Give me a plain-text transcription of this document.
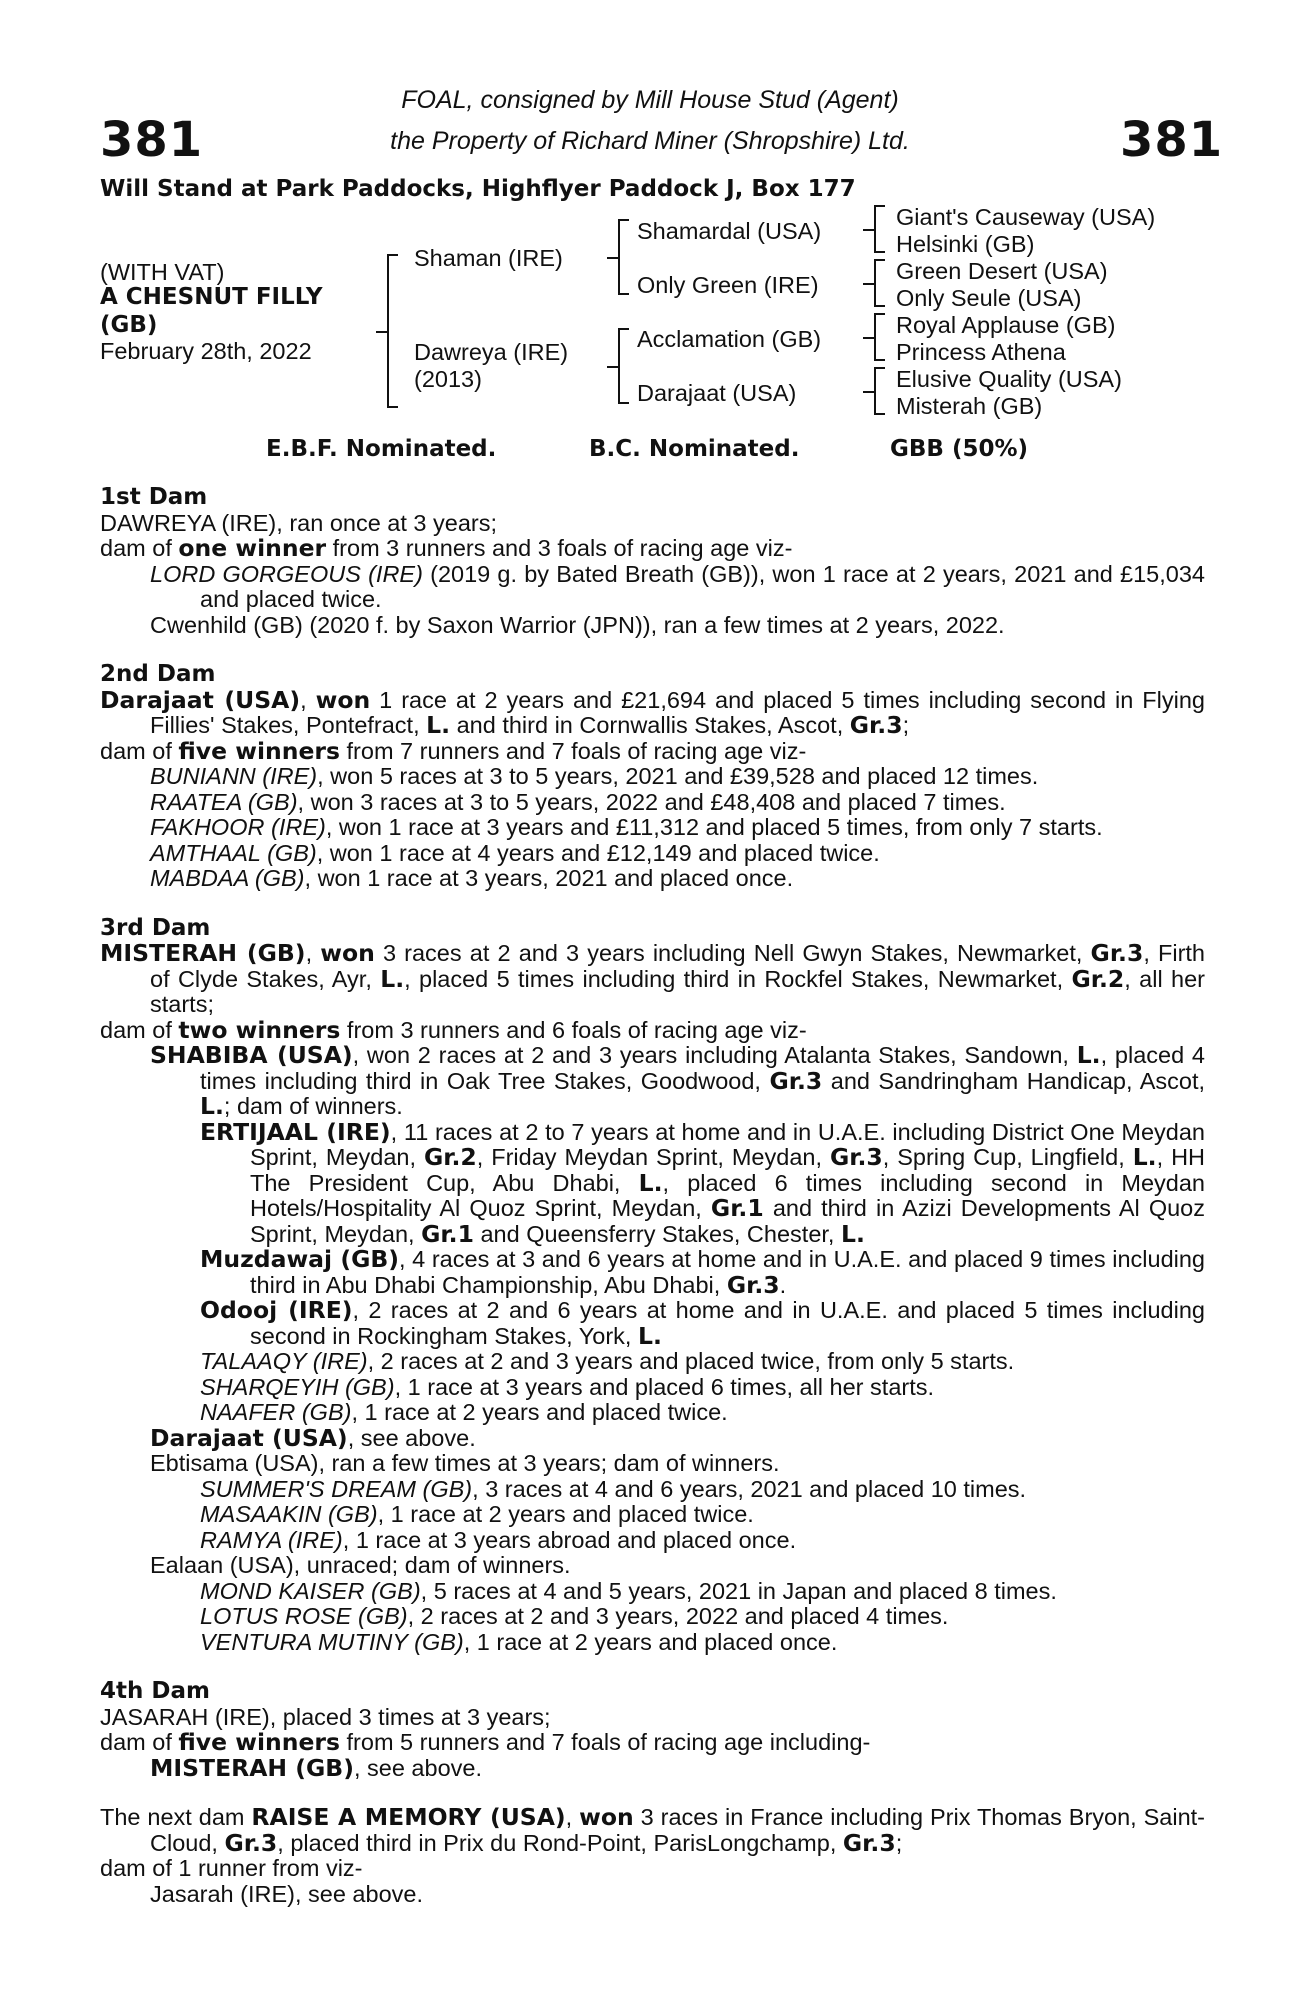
381	381
FOAL, consigned by Mill House Stud (Agent)
the Property of Richard Miner (Shropshire) Ltd.
Will Stand at Park Paddocks, Highflyer Paddock J, Box 177
(WITH VAT)
A CHESNUT FILLY
(GB)
February 28th, 2022
Shaman (IRE)
Dawreya (IRE)
(2013)
Shamardal (USA)
Only Green (IRE)
Acclamation (GB)
Darajaat (USA)
Giant's Causeway (USA)
Helsinki (GB)
Green Desert (USA)
Only Seule (USA)
Royal Applause (GB)
Princess Athena
Elusive Quality (USA)
Misterah (GB)
E.B.F. Nominated.	B.C. Nominated.	GBB (50%)

1st Dam

DAWREYA (IRE), ran once at 3 years;

dam of one winner from 3 runners and 3 foals of racing age viz-

LORD GORGEOUS (IRE) (2019 g. by Bated Breath (GB)), won 1 race at 2 years, 2021 and £15,034 and placed twice.

Cwenhild (GB) (2020 f. by Saxon Warrior (JPN)), ran a few times at 2 years, 2022.

2nd Dam

Darajaat (USA), won 1 race at 2 years and £21,694 and placed 5 times including second in Flying Fillies' Stakes, Pontefract, L. and third in Cornwallis Stakes, Ascot, Gr.3;

dam of five winners from 7 runners and 7 foals of racing age viz-

BUNIANN (IRE), won 5 races at 3 to 5 years, 2021 and £39,528 and placed 12 times.

RAATEA (GB), won 3 races at 3 to 5 years, 2022 and £48,408 and placed 7 times.

FAKHOOR (IRE), won 1 race at 3 years and £11,312 and placed 5 times, from only 7 starts.

AMTHAAL (GB), won 1 race at 4 years and £12,149 and placed twice.

MABDAA (GB), won 1 race at 3 years, 2021 and placed once.

3rd Dam

MISTERAH (GB), won 3 races at 2 and 3 years including Nell Gwyn Stakes, Newmarket, Gr.3, Firth of Clyde Stakes, Ayr, L., placed 5 times including third in Rockfel Stakes, Newmarket, Gr.2, all her starts;

dam of two winners from 3 runners and 6 foals of racing age viz-

SHABIBA (USA), won 2 races at 2 and 3 years including Atalanta Stakes, Sandown, L., placed 4 times including third in Oak Tree Stakes, Goodwood, Gr.3 and Sandringham Handicap, Ascot, L.; dam of winners.

ERTIJAAL (IRE), 11 races at 2 to 7 years at home and in U.A.E. including District One Meydan Sprint, Meydan, Gr.2, Friday Meydan Sprint, Meydan, Gr.3, Spring Cup, Lingfield, L., HH The President Cup, Abu Dhabi, L., placed 6 times including second in Meydan Hotels/Hospitality Al Quoz Sprint, Meydan, Gr.1 and third in Azizi Developments Al Quoz Sprint, Meydan, Gr.1 and Queensferry Stakes, Chester, L.

Muzdawaj (GB), 4 races at 3 and 6 years at home and in U.A.E. and placed 9 times including third in Abu Dhabi Championship, Abu Dhabi, Gr.3.

Odooj (IRE), 2 races at 2 and 6 years at home and in U.A.E. and placed 5 times including second in Rockingham Stakes, York, L.

TALAAQY (IRE), 2 races at 2 and 3 years and placed twice, from only 5 starts.

SHARQEYIH (GB), 1 race at 3 years and placed 6 times, all her starts.

NAAFER (GB), 1 race at 2 years and placed twice.

Darajaat (USA), see above.

Ebtisama (USA), ran a few times at 3 years; dam of winners.

SUMMER'S DREAM (GB), 3 races at 4 and 6 years, 2021 and placed 10 times.

MASAAKIN (GB), 1 race at 2 years and placed twice.

RAMYA (IRE), 1 race at 3 years abroad and placed once.

Ealaan (USA), unraced; dam of winners.

MOND KAISER (GB), 5 races at 4 and 5 years, 2021 in Japan and placed 8 times.

LOTUS ROSE (GB), 2 races at 2 and 3 years, 2022 and placed 4 times.

VENTURA MUTINY (GB), 1 race at 2 years and placed once.

4th Dam

JASARAH (IRE), placed 3 times at 3 years;

dam of five winners from 5 runners and 7 foals of racing age including-

MISTERAH (GB), see above.

The next dam RAISE A MEMORY (USA), won 3 races in France including Prix Thomas Bryon, Saint-Cloud, Gr.3, placed third in Prix du Rond-Point, ParisLongchamp, Gr.3;

dam of 1 runner from viz-

Jasarah (IRE), see above.
